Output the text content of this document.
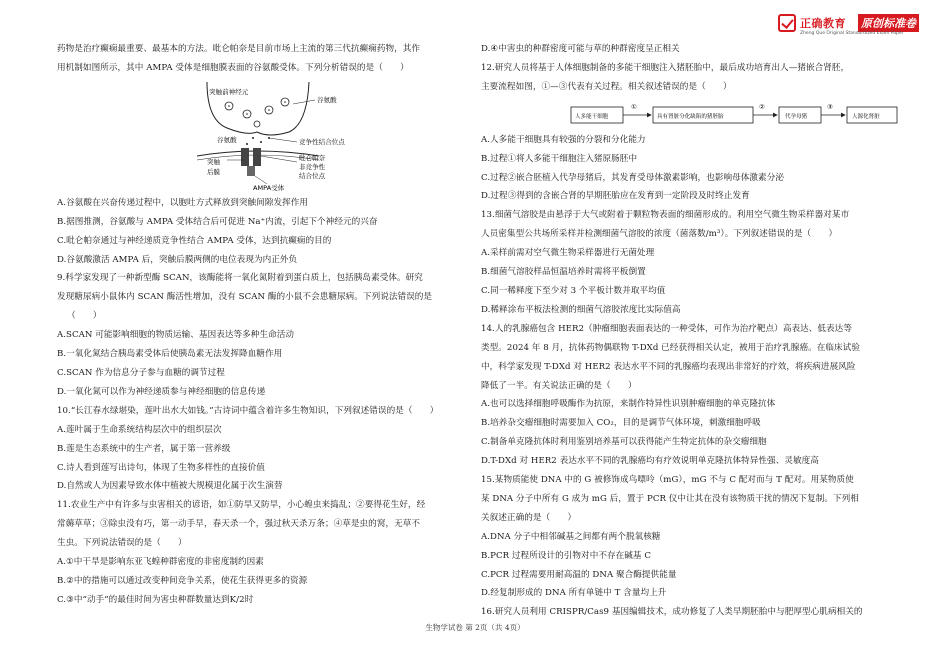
正确教育 原创标准卷
Zheng Que Original Standardized Exam Paper

药物是治疗癫痫最重要、最基本的方法。吡仑帕奈是目前市场上主流的第三代抗癫痫药物，其作

用机制如图所示，其中 AMPA 受体是细胞膜表面的谷氨酸受体。下列分析错误的是（　　）

突触前神经元
谷氨酸
谷氨酸	竞争性结合位点
突触
后膜
吡仑帕奈
非竞争性
结合位点
AMPA受体

A.谷氨酸在兴奋传递过程中，以胞吐方式释放到突触间隙发挥作用

B.据图推测，谷氨酸与 AMPA 受体结合后可促进 Na⁺内流，引起下个神经元的兴奋

C.吡仑帕奈通过与神经递质竞争性结合 AMPA 受体，达到抗癫痫的目的

D.谷氨酸激活 AMPA 后，突触后膜两侧的电位表现为内正外负

9.科学家发现了一种新型酶 SCAN，该酶能将一氧化氮附着到蛋白质上，包括胰岛素受体。研究

发现糖尿病小鼠体内 SCAN 酶活性增加，没有 SCAN 酶的小鼠不会患糖尿病。下列说法错误的是

（　　）

A.SCAN 可能影响细胞的物质运输、基因表达等多种生命活动

B.一氧化氮结合胰岛素受体后使胰岛素无法发挥降血糖作用

C.SCAN 作为信息分子参与血糖的调节过程

D.一氧化氮可以作为神经递质参与神经细胞的信息传递

10.“长江春水绿堪染，莲叶出水大如钱。”古诗词中蕴含着许多生物知识，下列叙述错误的是（　　）

A.莲叶属于生命系统结构层次中的组织层次

B.莲是生态系统中的生产者，属于第一营养级

C.诗人看到莲写出诗句，体现了生物多样性的直接价值

D.自然或人为因素导致水体中植被大规模退化属于次生演替

11.农业生产中有许多与虫害相关的谚语，如①防旱又防旱，小心蝗虫来捣乱；②要得花生好，经

常薅草草；③除虫没有巧，第一动手早，春天杀一个，强过秋天杀万条；④草是虫的窝，无草不

生虫。下列说法错误的是（　　）

A.①中干旱是影响东亚飞蝗种群密度的非密度制约因素

B.②中的措施可以通过改变种间竞争关系，使花生获得更多的资源

C.③中“动手”的最佳时间为害虫种群数量达到K/2时

D.④中害虫的种群密度可能与草的种群密度呈正相关

12.研究人员将基于人体细胞制备的多能干细胞注入猪胚胎中，最后成功培育出人—猪嵌合肾胚，

主要流程如图，①—③代表有关过程。相关叙述错误的是（　　）

人多能干细胞	具有肾脏分化缺陷的猪胚胎	代孕母猪	人源化肾脏
①	②	③

A.人多能干细胞具有较强的分裂和分化能力

B.过程①将人多能干细胞注入猪原肠胚中

C.过程②嵌合胚植入代孕母猪后，其发育受母体激素影响，也影响母体激素分泌

D.过程③得到的含嵌合肾的早期胚胎应在发育到一定阶段及时终止发育

13.细菌气溶胶是由悬浮于大气或附着于颗粒物表面的细菌形成的。利用空气微生物采样器对某市

人员密集型公共场所采样并检测细菌气溶胶的浓度（菌落数/m³）。下列叙述错误的是（　　）

A.采样前需对空气微生物采样器进行无菌处理

B.细菌气溶胶样品恒温培养时需将平板倒置

C.同一稀释度下至少对 3 个平板计数并取平均值

D.稀释涂布平板法检测的细菌气溶胶浓度比实际值高

14.人的乳腺癌包含 HER2（肿瘤细胞表面表达的一种受体，可作为治疗靶点）高表达、低表达等

类型。2024 年 8 月，抗体药物偶联物 T-DXd 已经获得相关认定，被用于治疗乳腺癌。在临床试验

中，科学家发现 T-DXd 对 HER2 表达水平不同的乳腺癌均表现出非常好的疗效，将疾病进展风险

降低了一半。有关说法正确的是（　　）

A.也可以选择细胞呼吸酶作为抗原，来制作特异性识别肿瘤细胞的单克隆抗体

B.培养杂交瘤细胞时需要加入 CO₂，目的是调节气体环境，刺激细胞呼吸

C.制备单克隆抗体时利用鉴别培养基可以获得能产生特定抗体的杂交瘤细胞

D.T-DXd 对 HER2 表达水平不同的乳腺癌均有疗效说明单克隆抗体特异性强、灵敏度高

15.某物质能使 DNA 中的 G 被修饰成鸟嘌呤（mG），mG 不与 C 配对而与 T 配对。用某物质使

某 DNA 分子中所有 G 成为 mG 后，置于 PCR 仪中让其在没有该物质干扰的情况下复制。下列相

关叙述正确的是（　　）

A.DNA 分子中相邻碱基之间都有两个脱氧核糖

B.PCR 过程所设计的引物对中不存在碱基 C

C.PCR 过程需要用耐高温的 DNA 聚合酶提供能量

D.经复制形成的 DNA 所有单链中 T 含量均上升

16.研究人员利用 CRISPR/Cas9 基因编辑技术，成功修复了人类早期胚胎中与肥厚型心肌病相关的

生物学试卷 第 2页（共 4页）
